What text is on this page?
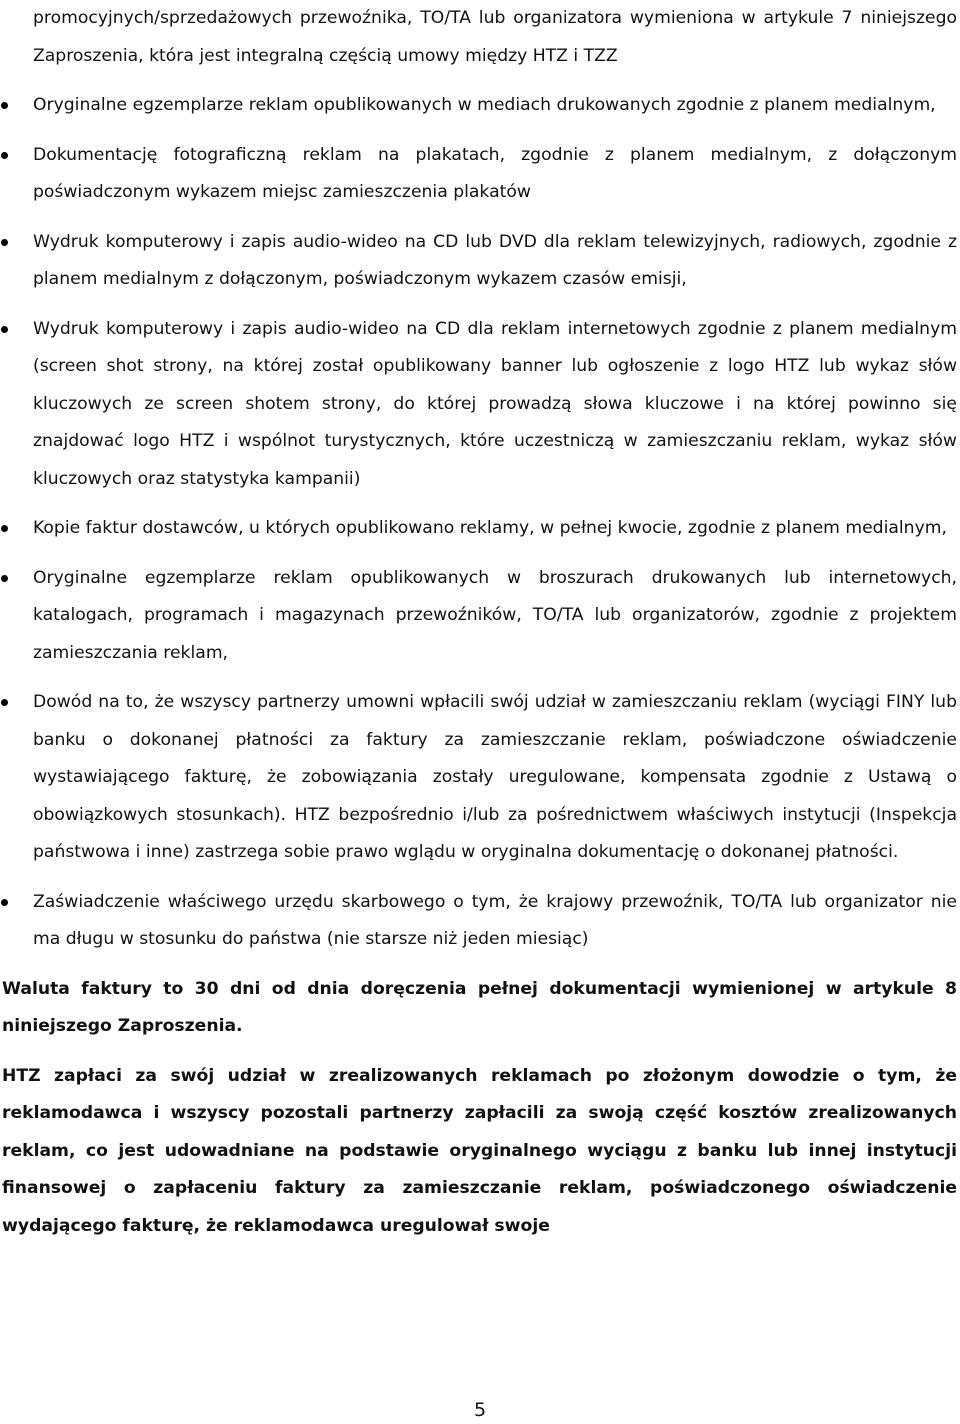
promocyjnych/sprzedażowych przewoźnika, TO/TA lub organizatora wymieniona w artykule 7 niniejszego Zaproszenia, która jest integralną częścią umowy między HTZ i TZZ

Oryginalne egzemplarze reklam opublikowanych w mediach drukowanych zgodnie z planem medialnym,
Dokumentację fotograficzną reklam na plakatach, zgodnie z planem medialnym, z dołączonym poświadczonym wykazem miejsc zamieszczenia plakatów
Wydruk komputerowy i zapis audio-wideo na CD lub DVD dla reklam telewizyjnych, radiowych, zgodnie z planem medialnym z dołączonym, poświadczonym wykazem czasów emisji,
Wydruk komputerowy i zapis audio-wideo na CD dla reklam internetowych zgodnie z planem medialnym (screen shot strony, na której został opublikowany banner lub ogłoszenie z logo HTZ lub wykaz słów kluczowych ze screen shotem strony, do której prowadzą słowa kluczowe i na której powinno się znajdować logo HTZ i wspólnot turystycznych, które uczestniczą w zamieszczaniu reklam, wykaz słów kluczowych oraz statystyka kampanii)
Kopie faktur dostawców, u których opublikowano reklamy, w pełnej kwocie, zgodnie z planem medialnym,
Oryginalne egzemplarze reklam opublikowanych w broszurach drukowanych lub internetowych, katalogach, programach i magazynach przewoźników, TO/TA lub organizatorów, zgodnie z projektem zamieszczania reklam,
Dowód na to, że wszyscy partnerzy umowni wpłacili swój udział w zamieszczaniu reklam (wyciągi FINY lub banku o dokonanej płatności za faktury za zamieszczanie reklam, poświadczone oświadczenie wystawiającego fakturę, że zobowiązania zostały uregulowane, kompensata zgodnie z Ustawą o obowiązkowych stosunkach). HTZ bezpośrednio i/lub za pośrednictwem właściwych instytucji (Inspekcja państwowa i inne) zastrzega sobie prawo wglądu w oryginalna dokumentację o dokonanej płatności.
Zaświadczenie właściwego urzędu skarbowego o tym, że krajowy przewoźnik, TO/TA lub organizator nie ma długu w stosunku do państwa (nie starsze niż jeden miesiąc)

Waluta faktury to 30 dni od dnia doręczenia pełnej dokumentacji wymienionej w artykule 8 niniejszego Zaproszenia.

HTZ zapłaci za swój udział w zrealizowanych reklamach po złożonym dowodzie o tym, że reklamodawca i wszyscy pozostali partnerzy zapłacili za swoją część kosztów zrealizowanych reklam, co jest udowadniane na podstawie oryginalnego wyciągu z banku lub innej instytucji finansowej o zapłaceniu faktury za zamieszczanie reklam, poświadczonego oświadczenie wydającego fakturę, że reklamodawca uregulował swoje

5
